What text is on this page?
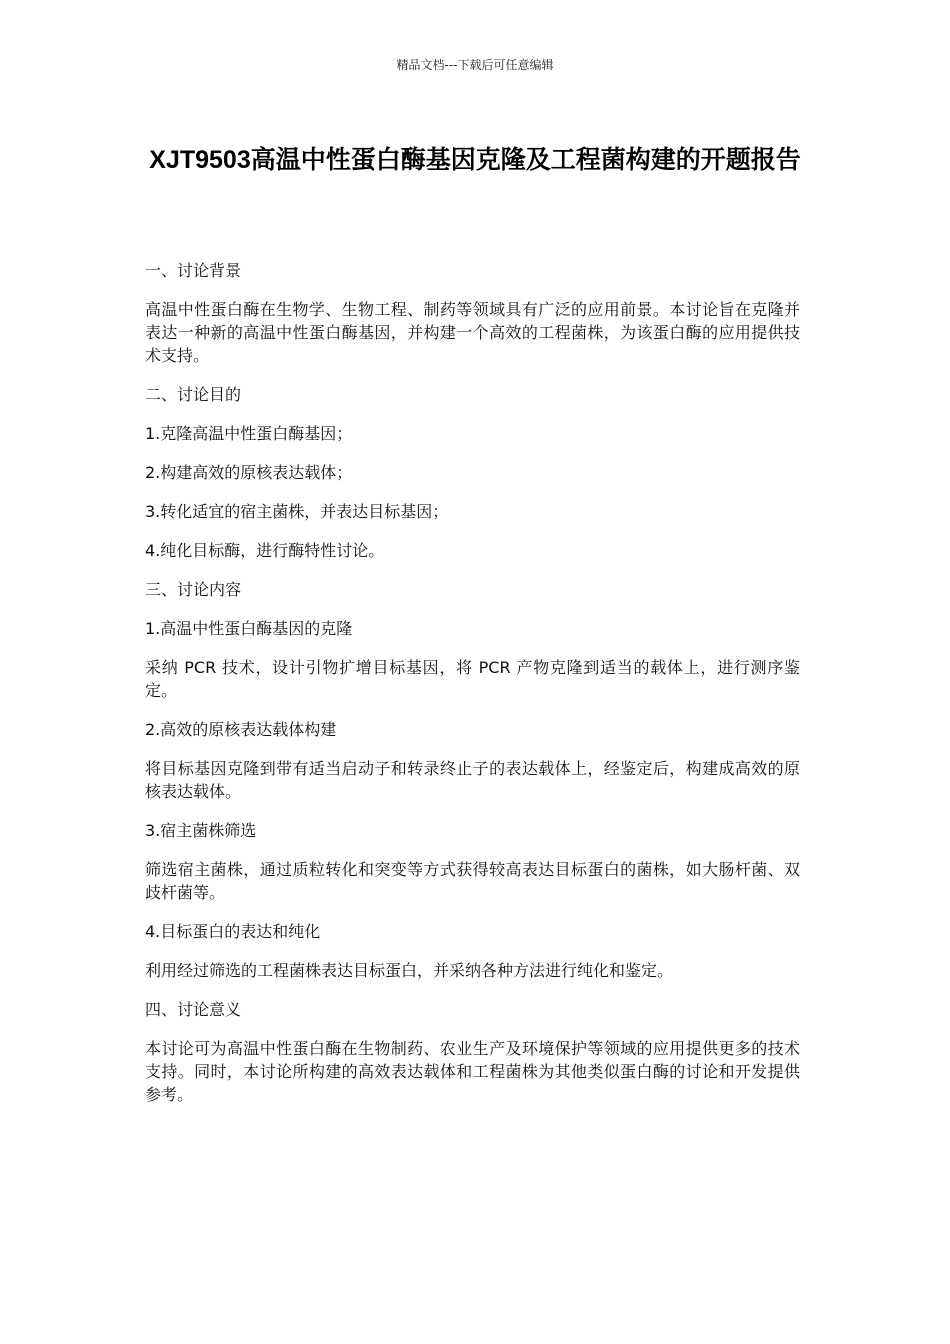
精品文档---下载后可任意编辑
XJT9503高温中性蛋白酶基因克隆及工程菌构建的开题报告

一、讨论背景

高温中性蛋白酶在生物学、生物工程、制药等领域具有广泛的应用前景。本讨论旨在克隆并表达一种新的高温中性蛋白酶基因，并构建一个高效的工程菌株，为该蛋白酶的应用提供技术支持。

二、讨论目的

1.克隆高温中性蛋白酶基因；

2.构建高效的原核表达载体；

3.转化适宜的宿主菌株，并表达目标基因；

4.纯化目标酶，进行酶特性讨论。

三、讨论内容

1.高温中性蛋白酶基因的克隆

采纳 PCR 技术，设计引物扩增目标基因，将 PCR 产物克隆到适当的载体上，进行测序鉴定。

2.高效的原核表达载体构建

将目标基因克隆到带有适当启动子和转录终止子的表达载体上，经鉴定后，构建成高效的原核表达载体。

3.宿主菌株筛选

筛选宿主菌株，通过质粒转化和突变等方式获得较高表达目标蛋白的菌株，如大肠杆菌、双歧杆菌等。

4.目标蛋白的表达和纯化

利用经过筛选的工程菌株表达目标蛋白，并采纳各种方法进行纯化和鉴定。

四、讨论意义

本讨论可为高温中性蛋白酶在生物制药、农业生产及环境保护等领域的应用提供更多的技术支持。同时，本讨论所构建的高效表达载体和工程菌株为其他类似蛋白酶的讨论和开发提供参考。
